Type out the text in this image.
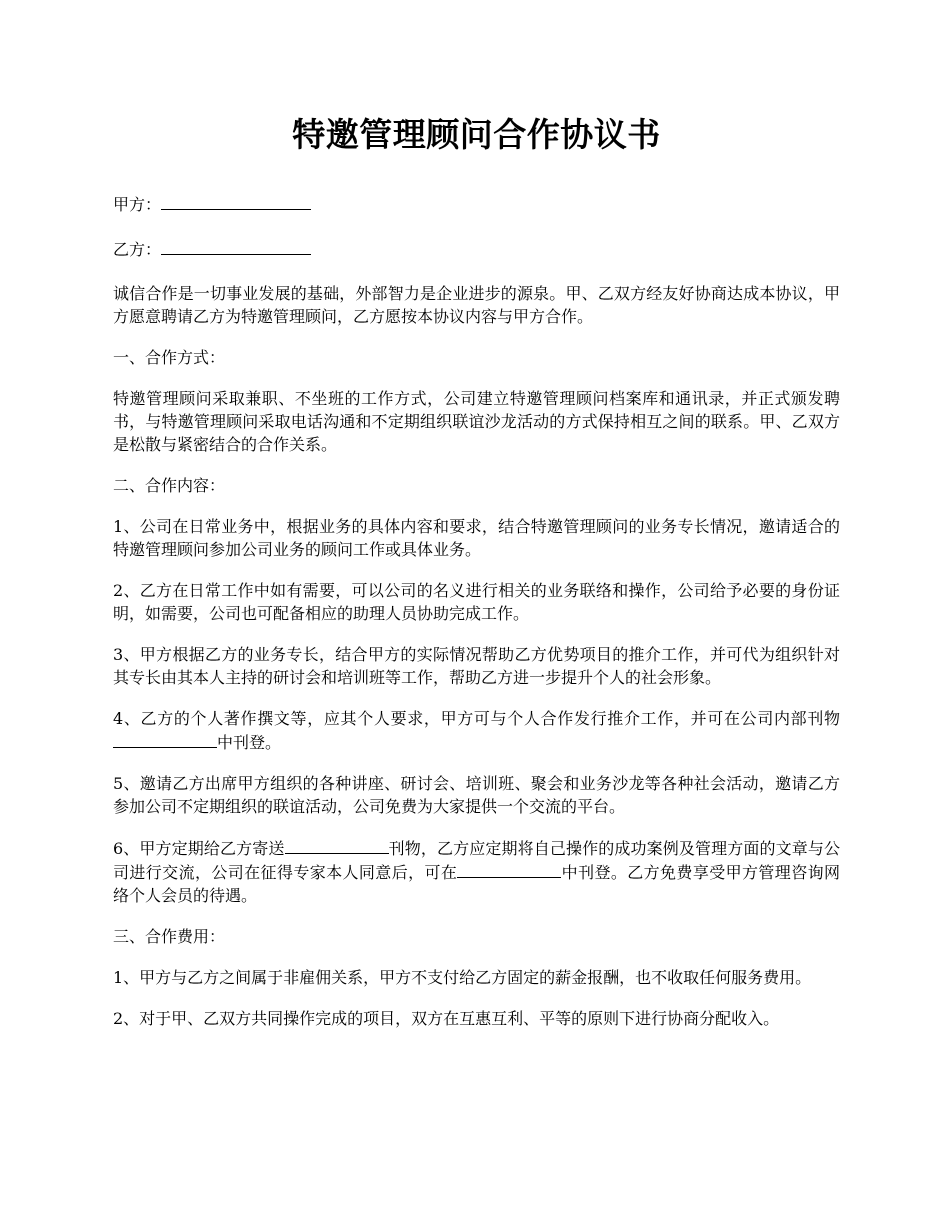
特邀管理顾问合作协议书

甲方：

乙方：

诚信合作是一切事业发展的基础，外部智力是企业进步的源泉。甲、乙双方经友好协商达成本协议，甲方愿意聘请乙方为特邀管理顾问，乙方愿按本协议内容与甲方合作。

一、合作方式：

特邀管理顾问采取兼职、不坐班的工作方式，公司建立特邀管理顾问档案库和通讯录，并正式颁发聘书，与特邀管理顾问采取电话沟通和不定期组织联谊沙龙活动的方式保持相互之间的联系。甲、乙双方是松散与紧密结合的合作关系。

二、合作内容：

1、公司在日常业务中，根据业务的具体内容和要求，结合特邀管理顾问的业务专长情况，邀请适合的特邀管理顾问参加公司业务的顾问工作或具体业务。

2、乙方在日常工作中如有需要，可以公司的名义进行相关的业务联络和操作，公司给予必要的身份证明，如需要，公司也可配备相应的助理人员协助完成工作。

3、甲方根据乙方的业务专长，结合甲方的实际情况帮助乙方优势项目的推介工作，并可代为组织针对其专长由其本人主持的研讨会和培训班等工作，帮助乙方进一步提升个人的社会形象。

4、乙方的个人著作撰文等，应其个人要求，甲方可与个人合作发行推介工作，并可在公司内部刊物中刊登。

5、邀请乙方出席甲方组织的各种讲座、研讨会、培训班、聚会和业务沙龙等各种社会活动，邀请乙方参加公司不定期组织的联谊活动，公司免费为大家提供一个交流的平台。

6、甲方定期给乙方寄送	刊物，乙方应定期将自己操作的成功案例及管理方面的文章与公司进行交流，公司在征得专家本人同意后，可在	中刊登。乙方免费享受甲方管理咨询网络个人会员的待遇。

三、合作费用：

1、甲方与乙方之间属于非雇佣关系，甲方不支付给乙方固定的薪金报酬，也不收取任何服务费用。

2、对于甲、乙双方共同操作完成的项目，双方在互惠互利、平等的原则下进行协商分配收入。
